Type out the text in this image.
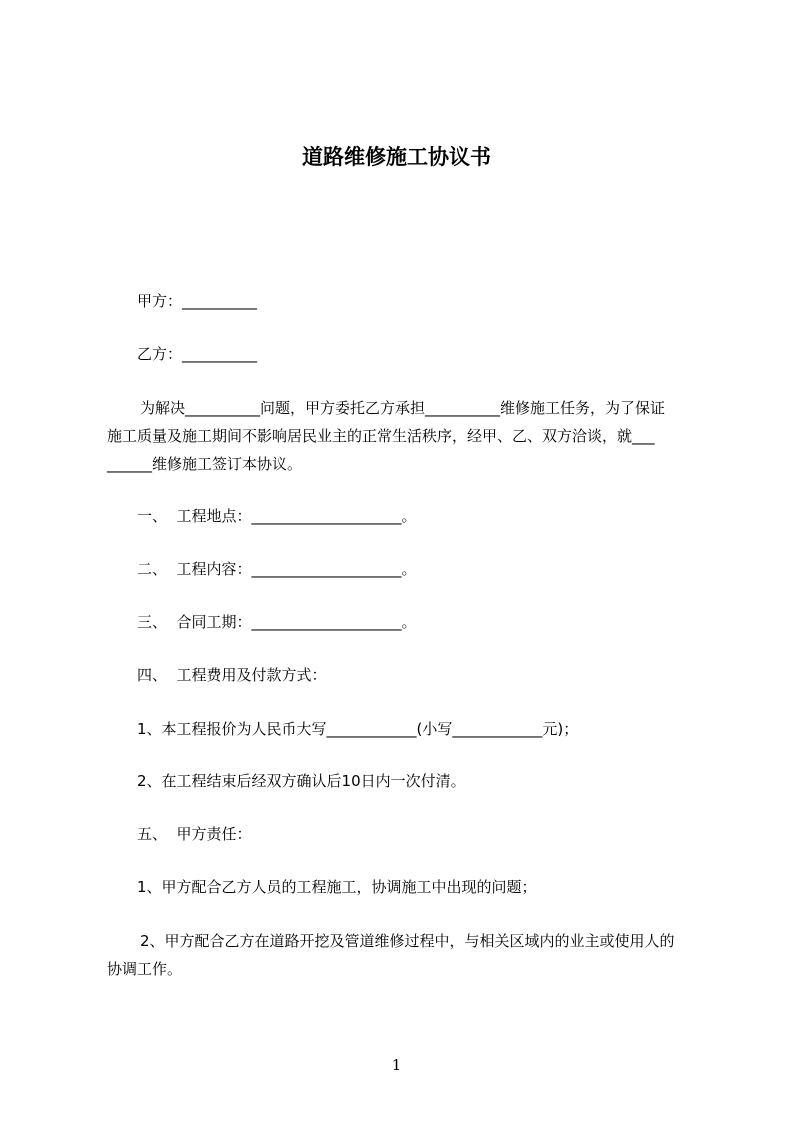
道路维修施工协议书
甲方：__________
乙方：__________
为解决__________问题，甲方委托乙方承担__________维修施工任务，为了保证
施工质量及施工期间不影响居民业主的正常生活秩序，经甲、乙、双方洽谈，就___
______维修施工签订本协议。
一、  工程地点：____________________。
二、  工程内容：____________________。
三、  合同工期：____________________。
四、  工程费用及付款方式：
1、本工程报价为人民币大写____________(小写____________元)；
2、在工程结束后经双方确认后10日内一次付清。
五、  甲方责任：
1、甲方配合乙方人员的工程施工，协调施工中出现的问题；
2、甲方配合乙方在道路开挖及管道维修过程中，与相关区域内的业主或使用人的
协调工作。
1
